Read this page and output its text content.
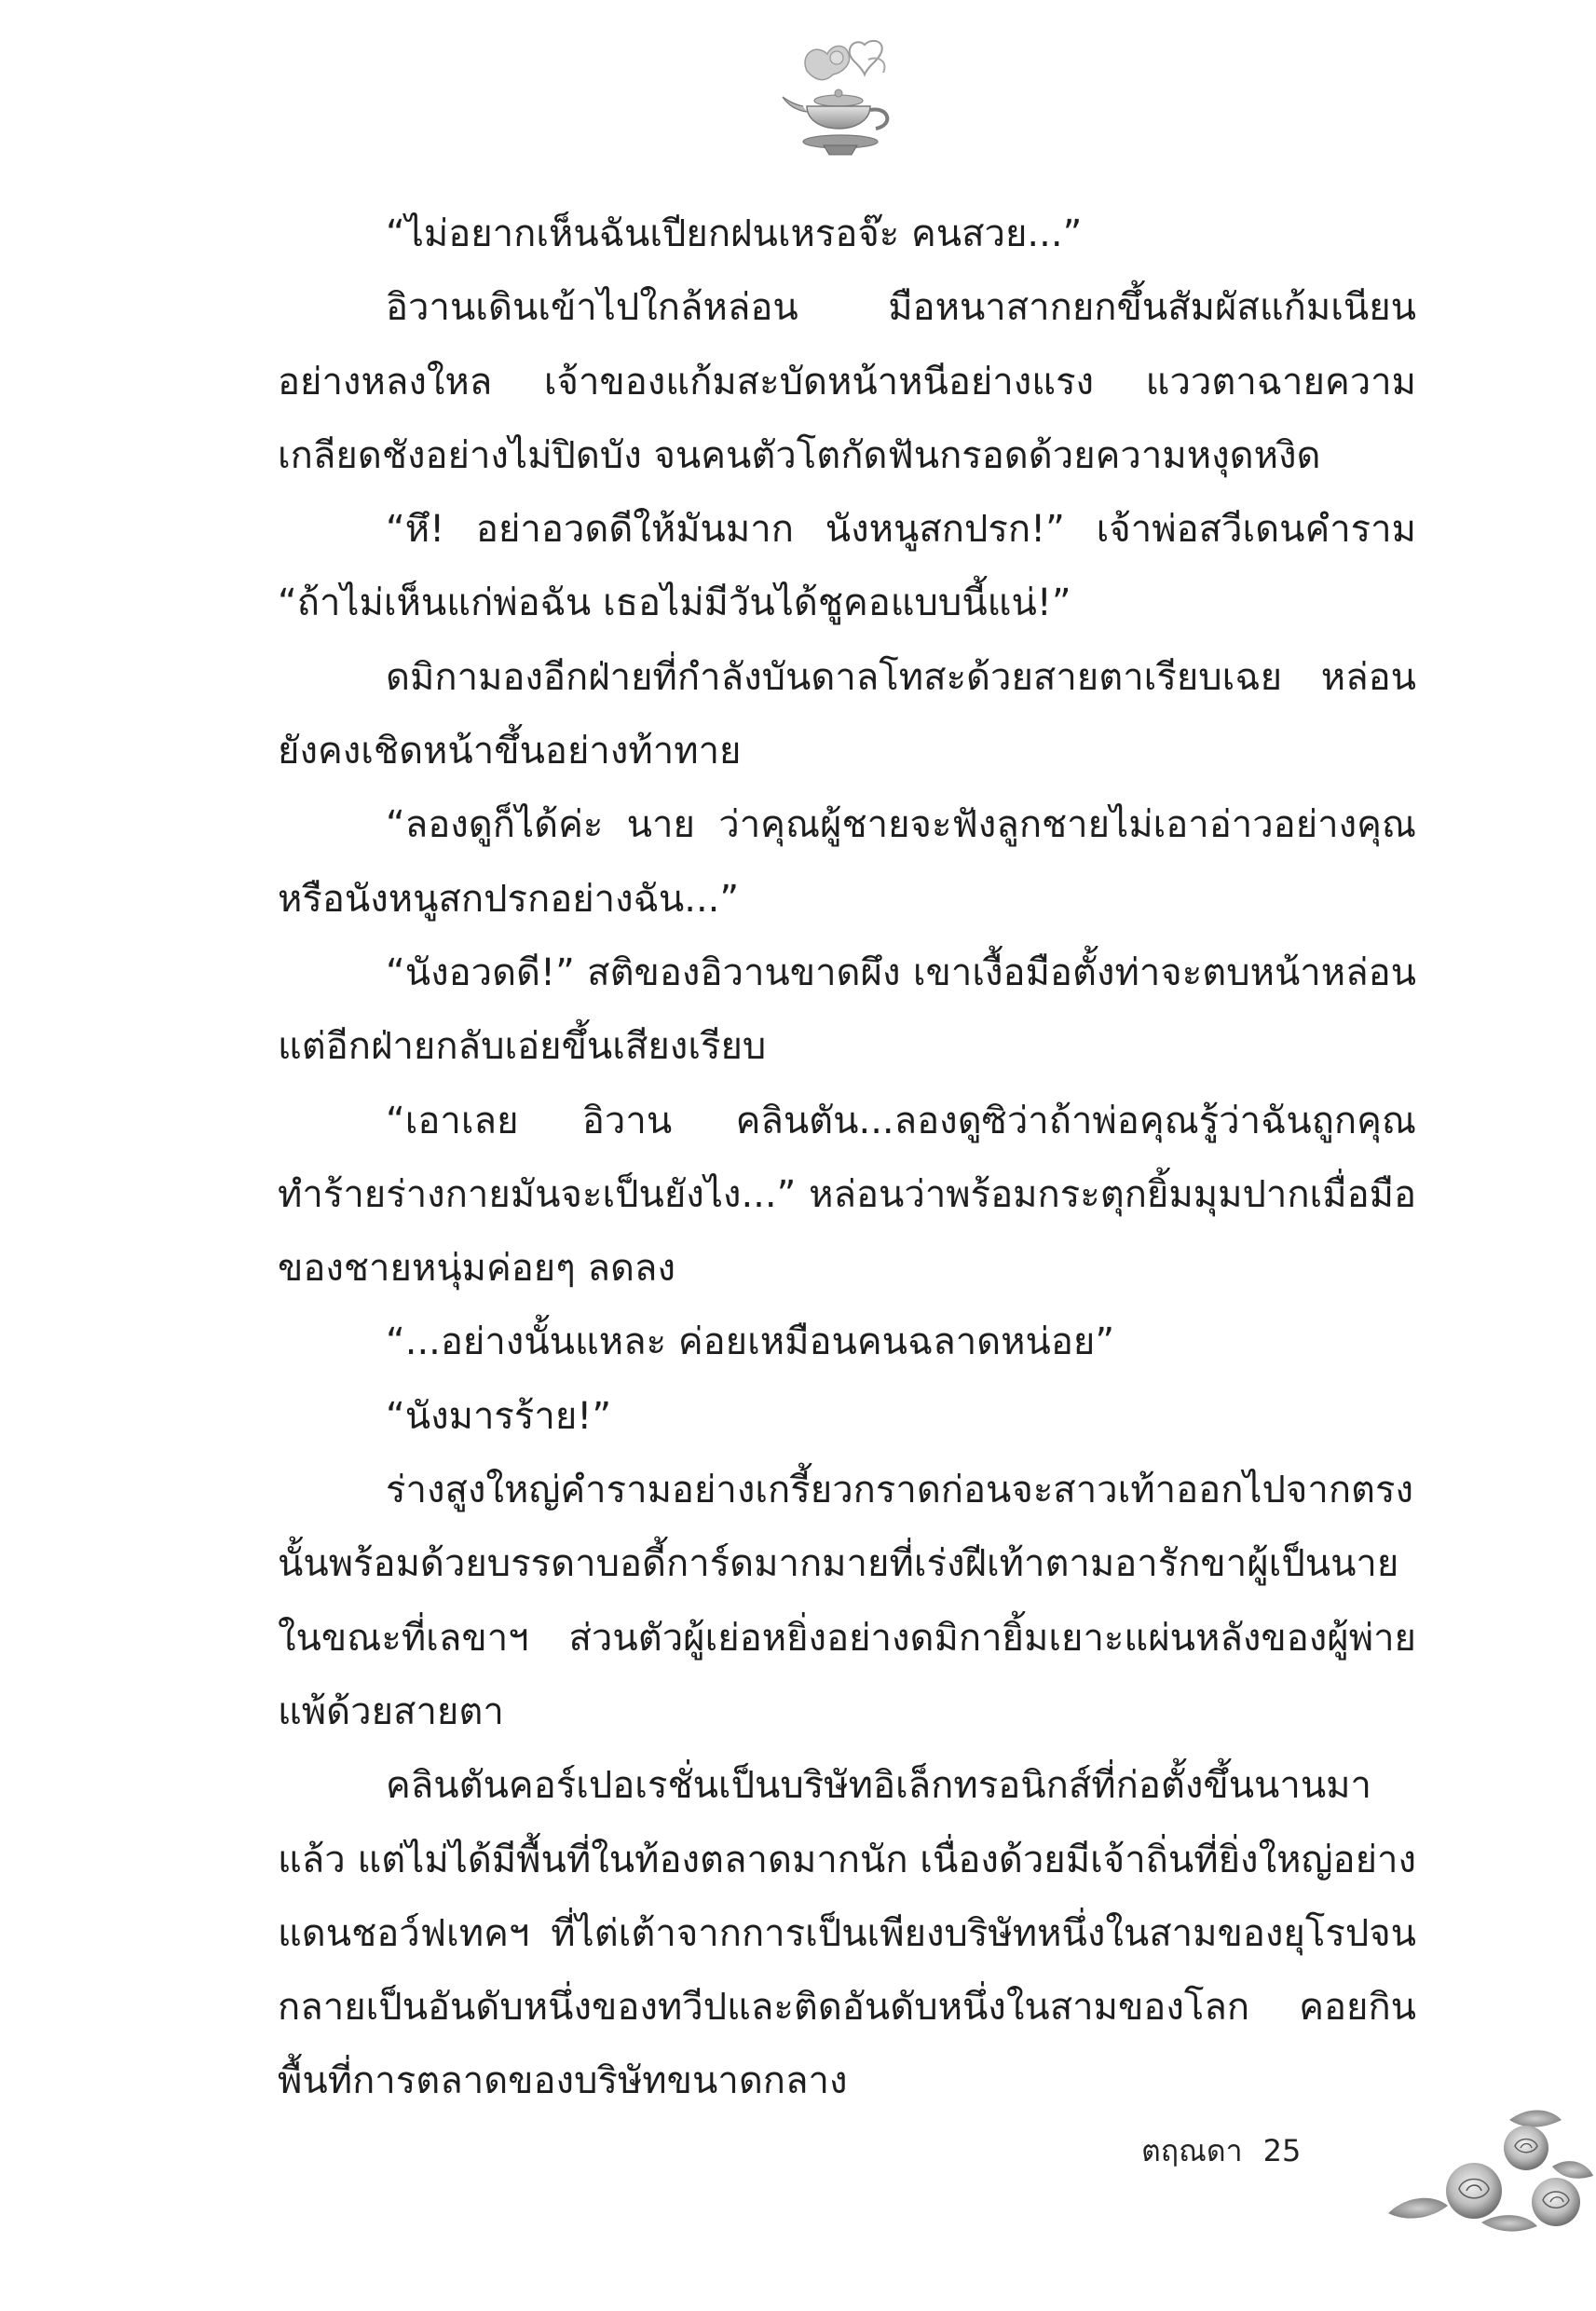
“ไม่อยากเห็นฉันเปียกฝนเหรอจ๊ะ คนสวย...”

อิวานเดินเข้าไปใกล้หล่อน มือหนาสากยกขึ้นสัมผัสแก้มเนียนอย่างหลงใหล เจ้าของแก้มสะบัดหน้าหนีอย่างแรง แววตาฉายความเกลียดชังอย่างไม่ปิดบัง จนคนตัวโตกัดฟันกรอดด้วยความหงุดหงิด

“หึ! อย่าอวดดีให้มันมาก นังหนูสกปรก!” เจ้าพ่อสวีเดนคำราม “ถ้าไม่เห็นแก่พ่อฉัน เธอไม่มีวันได้ชูคอแบบนี้แน่!”

ดมิกามองอีกฝ่ายที่กำลังบันดาลโทสะด้วยสายตาเรียบเฉย หล่อนยังคงเชิดหน้าขึ้นอย่างท้าทาย

“ลองดูก็ได้ค่ะ นาย ว่าคุณผู้ชายจะฟังลูกชายไม่เอาอ่าวอย่างคุณ หรือนังหนูสกปรกอย่างฉัน...”

“นังอวดดี!” สติของอิวานขาดผึง เขาเงื้อมือตั้งท่าจะตบหน้าหล่อน แต่อีกฝ่ายกลับเอ่ยขึ้นเสียงเรียบ

“เอาเลย อิวาน คลินตัน...ลองดูซิว่าถ้าพ่อคุณรู้ว่าฉันถูกคุณทำร้ายร่างกายมันจะเป็นยังไง...” หล่อนว่าพร้อมกระตุกยิ้มมุมปากเมื่อมือของชายหนุ่มค่อยๆ ลดลง

“...อย่างนั้นแหละ ค่อยเหมือนคนฉลาดหน่อย”

“นังมารร้าย!”

ร่างสูงใหญ่คำรามอย่างเกรี้ยวกราดก่อนจะสาวเท้าออกไปจากตรงนั้นพร้อมด้วยบรรดาบอดี้การ์ดมากมายที่เร่งฝีเท้าตามอารักขาผู้เป็นนาย ในขณะที่เลขาฯ ส่วนตัวผู้เย่อหยิ่งอย่างดมิกายิ้มเยาะแผ่นหลังของผู้พ่ายแพ้ด้วยสายตา

คลินตันคอร์เปอเรชั่นเป็นบริษัทอิเล็กทรอนิกส์ที่ก่อตั้งขึ้นนานมาแล้ว แต่ไม่ได้มีพื้นที่ในท้องตลาดมากนัก เนื่องด้วยมีเจ้าถิ่นที่ยิ่งใหญ่อย่างแดนชอว์ฟเทคฯ ที่ไต่เต้าจากการเป็นเพียงบริษัทหนึ่งในสามของยุโรปจนกลายเป็นอันดับหนึ่งของทวีปและติดอันดับหนึ่งในสามของโลก คอยกินพื้นที่การตลาดของบริษัทขนาดกลาง

ตฤณดา 25
